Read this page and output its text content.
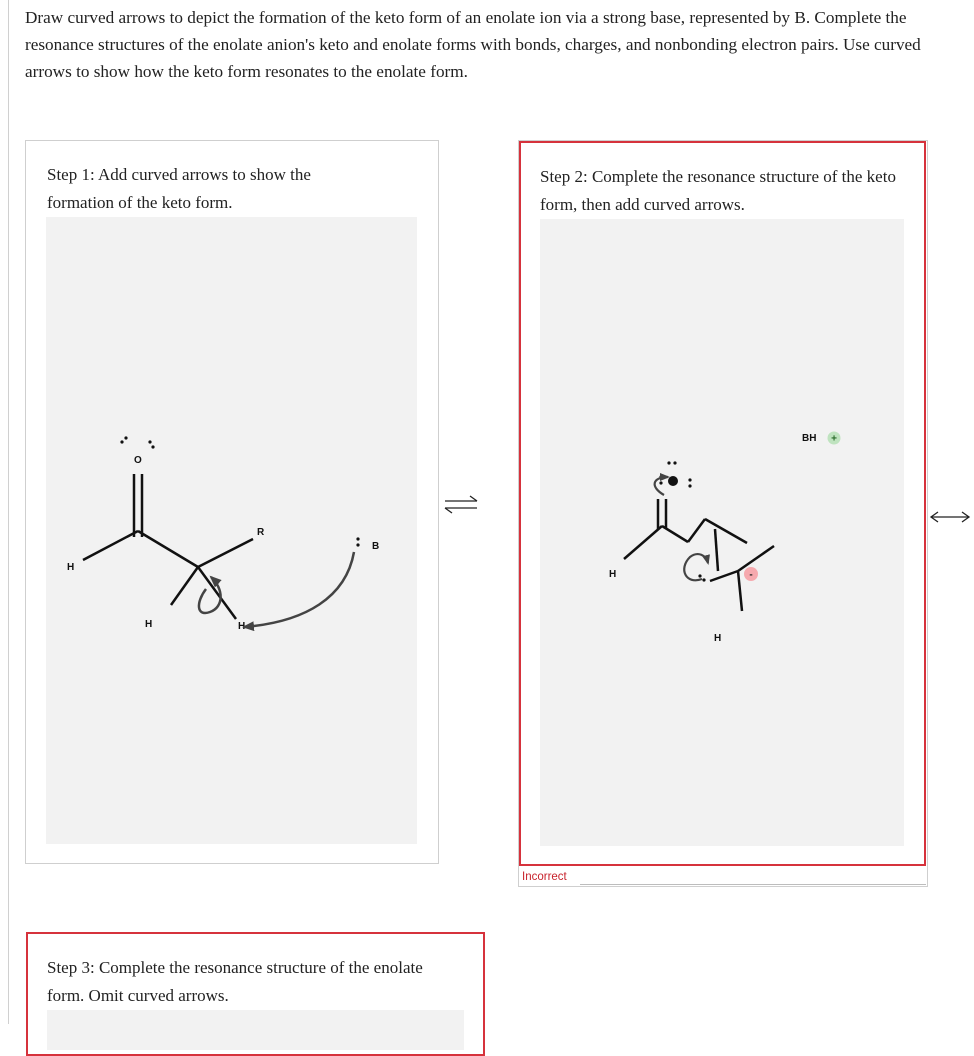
Draw curved arrows to depict the formation of the keto form of an enolate ion via a strong base, represented by B. Complete the resonance structures of the enolate anion's keto and enolate forms with bonds, charges, and nonbonding electron pairs. Use curved arrows to show how the keto form resonates to the enolate form.

Step 1: Add curved arrows to show the formation of the keto form.

O
H
H
R
B
H

Step 2: Complete the resonance structure of the keto form, then add curved arrows.

H
H
-
BH +
Incorrect

Step 3: Complete the resonance structure of the enolate form. Omit curved arrows.
